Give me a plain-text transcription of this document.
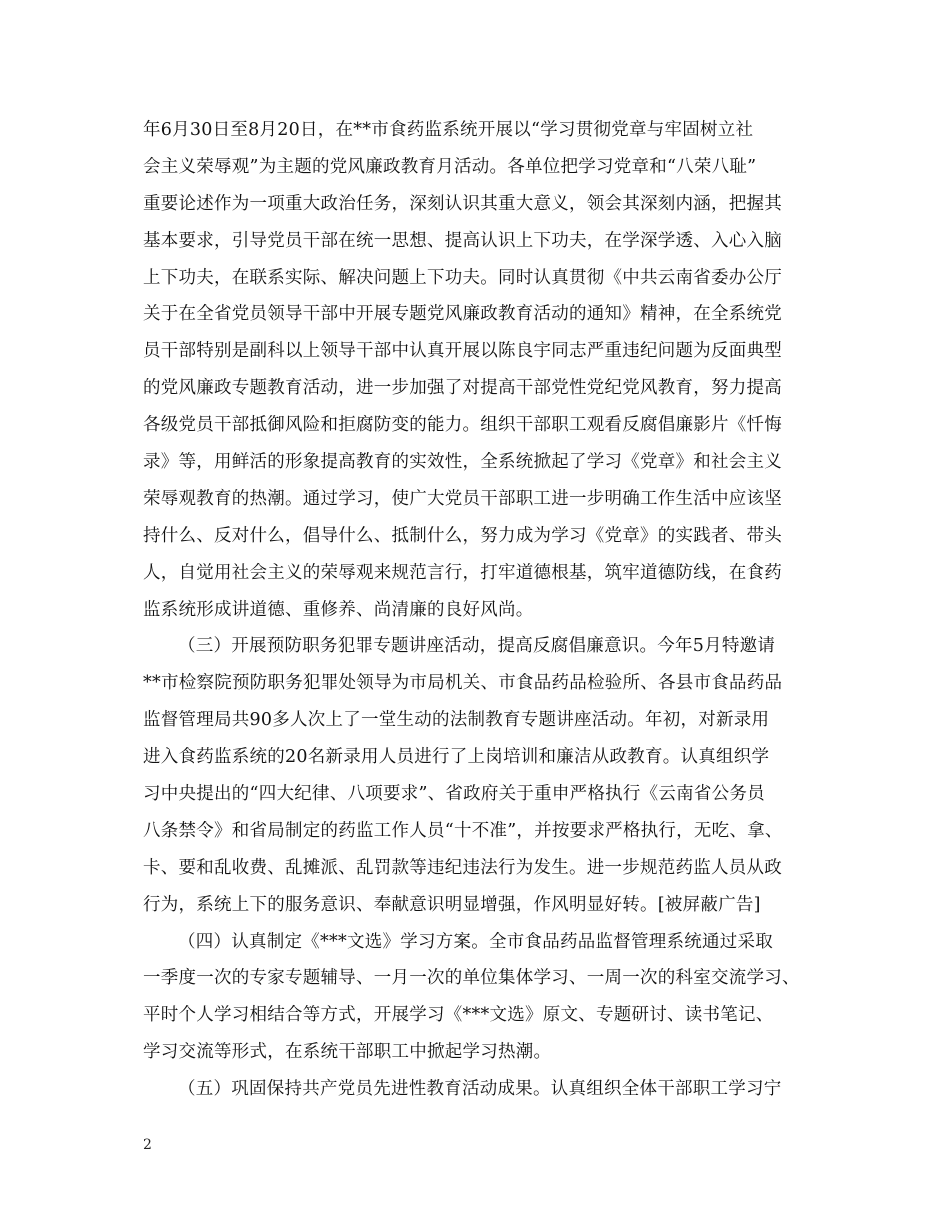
年6月30日至8月20日，在**市食药监系统开展以“学习贯彻党章与牢固树立社
会主义荣辱观”为主题的党风廉政教育月活动。各单位把学习党章和“八荣八耻”
重要论述作为一项重大政治任务，深刻认识其重大意义，领会其深刻内涵，把握其
基本要求，引导党员干部在统一思想、提高认识上下功夫，在学深学透、入心入脑
上下功夫，在联系实际、解决问题上下功夫。同时认真贯彻《中共云南省委办公厅
关于在全省党员领导干部中开展专题党风廉政教育活动的通知》精神，在全系统党
员干部特别是副科以上领导干部中认真开展以陈良宇同志严重违纪问题为反面典型
的党风廉政专题教育活动，进一步加强了对提高干部党性党纪党风教育，努力提高
各级党员干部抵御风险和拒腐防变的能力。组织干部职工观看反腐倡廉影片《忏悔
录》等，用鲜活的形象提高教育的实效性，全系统掀起了学习《党章》和社会主义
荣辱观教育的热潮。通过学习，使广大党员干部职工进一步明确工作生活中应该坚
持什么、反对什么，倡导什么、抵制什么，努力成为学习《党章》的实践者、带头
人，自觉用社会主义的荣辱观来规范言行，打牢道德根基，筑牢道德防线，在食药
监系统形成讲道德、重修养、尚清廉的良好风尚。
（三）开展预防职务犯罪专题讲座活动，提高反腐倡廉意识。今年5月特邀请
**市检察院预防职务犯罪处领导为市局机关、市食品药品检验所、各县市食品药品
监督管理局共90多人次上了一堂生动的法制教育专题讲座活动。年初，对新录用
进入食药监系统的20名新录用人员进行了上岗培训和廉洁从政教育。认真组织学
习中央提出的“四大纪律、八项要求”、省政府关于重申严格执行《云南省公务员
八条禁令》和省局制定的药监工作人员“十不准”，并按要求严格执行，无吃、拿、
卡、要和乱收费、乱摊派、乱罚款等违纪违法行为发生。进一步规范药监人员从政
行为，系统上下的服务意识、奉献意识明显增强，作风明显好转。[被屏蔽广告]
（四）认真制定《***文选》学习方案。全市食品药品监督管理系统通过采取
一季度一次的专家专题辅导、一月一次的单位集体学习、一周一次的科室交流学习、
平时个人学习相结合等方式，开展学习《***文选》原文、专题研讨、读书笔记、
学习交流等形式，在系统干部职工中掀起学习热潮。
（五）巩固保持共产党员先进性教育活动成果。认真组织全体干部职工学习宁
2
